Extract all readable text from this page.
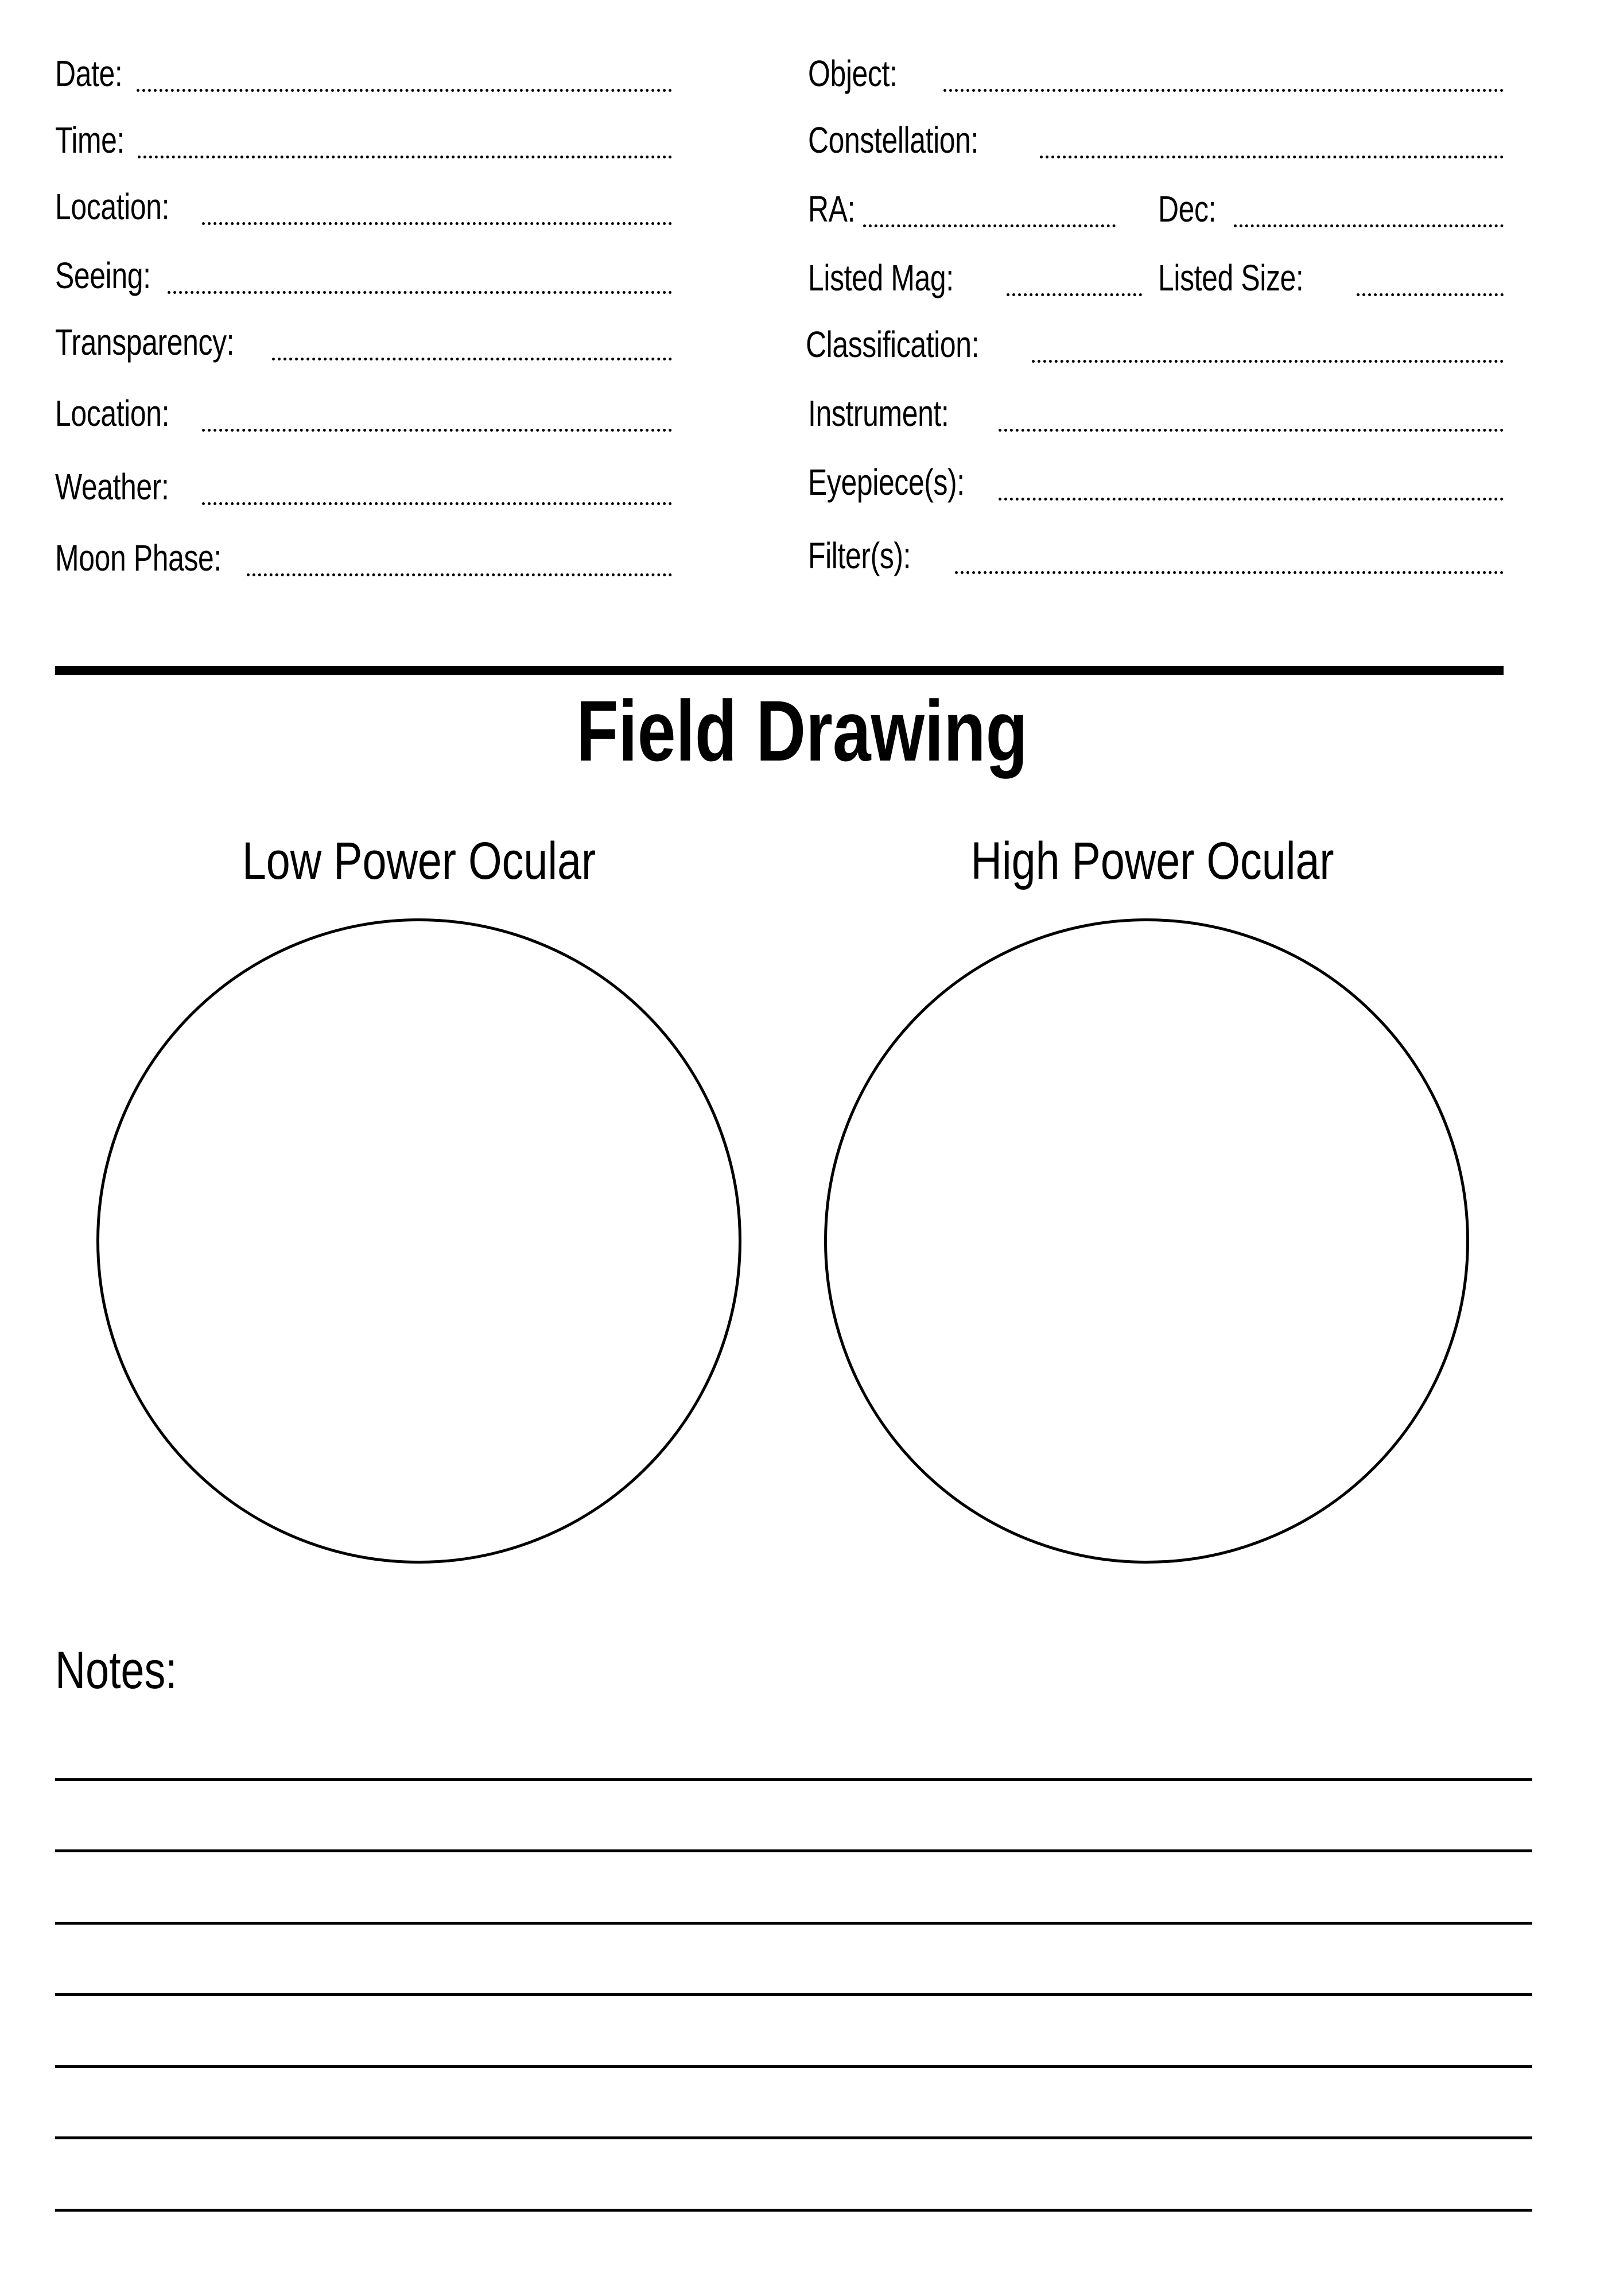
Date:
Time:
Location:
Seeing:
Transparency:
Location:
Weather:
Moon Phase:
Object:
Constellation:
RA:	Dec:
Listed Mag:	Listed Size:
Classification:
Instrument:
Eyepiece(s):
Filter(s):
Field Drawing
Low Power Ocular	High Power Ocular
Notes:
